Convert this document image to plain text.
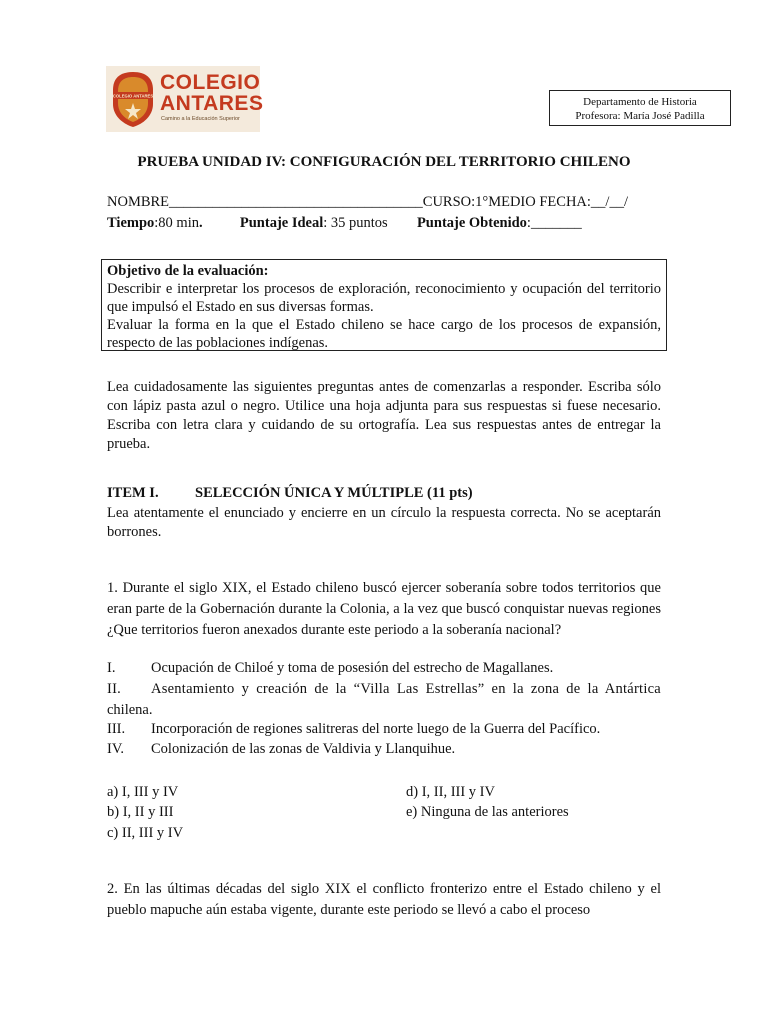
COLEGIO ANTARES
COLEGIO
ANTARES
Camino a la Educación Superior
Departamento de Historia
Profesora: María José Padilla
PRUEBA UNIDAD IV: CONFIGURACIÓN DEL TERRITORIO CHILENO
NOMBRE___________________________________CURSO:1°MEDIO FECHA:__/__/
Tiempo:80 min.	Puntaje Ideal: 35 puntos Puntaje Obtenido:_______
Objetivo de la evaluación:
Describir e interpretar los procesos de exploración, reconocimiento y ocupación del territorio que impulsó el Estado en sus diversas formas.
Evaluar la forma en la que el Estado chileno se hace cargo de los procesos de expansión, respecto de las poblaciones indígenas.
Lea cuidadosamente las siguientes preguntas antes de comenzarlas a responder. Escriba sólo con lápiz pasta azul o negro. Utilice una hoja adjunta para sus respuestas si fuese necesario. Escriba con letra clara y cuidando de su ortografía. Lea sus respuestas antes de entregar la prueba.
ITEM I.	SELECCIÓN ÚNICA Y MÚLTIPLE (11 pts)
Lea atentamente el enunciado y encierre en un círculo la respuesta correcta. No se aceptarán borrones.
1. Durante el siglo XIX, el Estado chileno buscó ejercer soberanía sobre todos territorios que eran parte de la Gobernación durante la Colonia, a la vez que buscó conquistar nuevas regiones ¿Que territorios fueron anexados durante este periodo a la soberanía nacional?
I. Ocupación de Chiloé y toma de posesión del estrecho de Magallanes.
II. Asentamiento y creación de la “Villa Las Estrellas” en la zona de la Antártica
chilena.
III. Incorporación de regiones salitreras del norte luego de la Guerra del Pacífico.
IV. Colonización de las zonas de Valdivia y Llanquihue.
a) I, III y IV
b) I, II y III
c) II, III y IV
d) I, II, III y IV
e) Ninguna de las anteriores
2. En las últimas décadas del siglo XIX el conflicto fronterizo entre el Estado chileno y el pueblo mapuche aún estaba vigente, durante este periodo se llevó a cabo el proceso
